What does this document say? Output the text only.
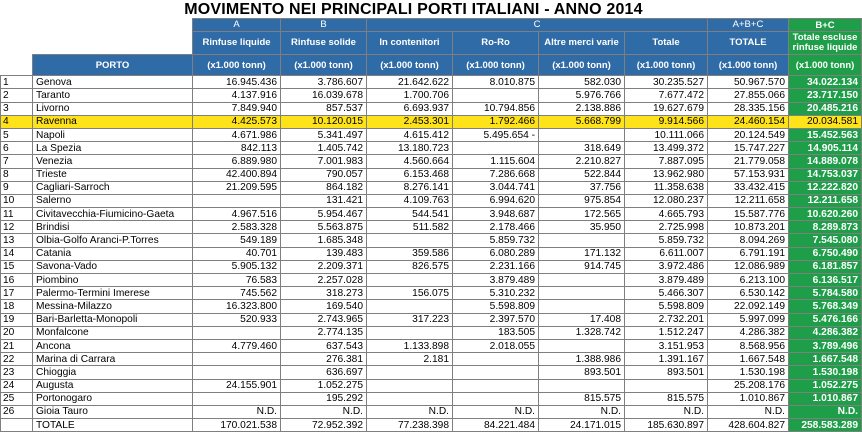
MOVIMENTO NEI PRINCIPALI PORTI ITALIANI - ANNO 2014
		A	B	C				A+B+C	B+C
		Rinfuse liquide	Rinfuse solide	In contenitori	Ro-Ro	Altre merci varie	Totale	TOTALE	Totale escluse rinfuse liquide
	PORTO	(x1.000 tonn)	(x1.000 tonn)	(x1.000 tonn)	(x1.000 tonn)	(x1.000 tonn)	(x1.000 tonn)	(x1.000 tonn)	(x1.000 tonn)
1	Genova	16.945.436	3.786.607	21.642.622	8.010.875	582.030	30.235.527	50.967.570	34.022.134
2	Taranto	4.137.916	16.039.678	1.700.706		5.976.766	7.677.472	27.855.066	23.717.150
3	Livorno	7.849.940	857.537	6.693.937	10.794.856	2.138.886	19.627.679	28.335.156	20.485.216
4	Ravenna	4.425.573	10.120.015	2.453.301	1.792.466	5.668.799	9.914.566	24.460.154	20.034.581
5	Napoli	4.671.986	5.341.497	4.615.412	5.495.654 -		10.111.066	20.124.549	15.452.563
6	La Spezia	842.113	1.405.742	13.180.723		318.649	13.499.372	15.747.227	14.905.114
7	Venezia	6.889.980	7.001.983	4.560.664	1.115.604	2.210.827	7.887.095	21.779.058	14.889.078
8	Trieste	42.400.894	790.057	6.153.468	7.286.668	522.844	13.962.980	57.153.931	14.753.037
9	Cagliari-Sarroch	21.209.595	864.182	8.276.141	3.044.741	37.756	11.358.638	33.432.415	12.222.820
10	Salerno		131.421	4.109.763	6.994.620	975.854	12.080.237	12.211.658	12.211.658
11	Civitavecchia-Fiumicino-Gaeta	4.967.516	5.954.467	544.541	3.948.687	172.565	4.665.793	15.587.776	10.620.260
12	Brindisi	2.583.328	5.563.875	511.582	2.178.466	35.950	2.725.998	10.873.201	8.289.873
13	Olbia-Golfo Aranci-P.Torres	549.189	1.685.348		5.859.732		5.859.732	8.094.269	7.545.080
14	Catania	40.701	139.483	359.586	6.080.289	171.132	6.611.007	6.791.191	6.750.490
15	Savona-Vado	5.905.132	2.209.371	826.575	2.231.166	914.745	3.972.486	12.086.989	6.181.857
16	Piombino	76.583	2.257.028		3.879.489		3.879.489	6.213.100	6.136.517
17	Palermo-Termini Imerese	745.562	318.273	156.075	5.310.232		5.466.307	6.530.142	5.784.580
18	Messina-Milazzo	16.323.800	169.540		5.598.809		5.598.809	22.092.149	5.768.349
19	Bari-Barletta-Monopoli	520.933	2.743.965	317.223	2.397.570	17.408	2.732.201	5.997.099	5.476.166
20	Monfalcone		2.774.135		183.505	1.328.742	1.512.247	4.286.382	4.286.382
21	Ancona	4.779.460	637.543	1.133.898	2.018.055		3.151.953	8.568.956	3.789.496
22	Marina di Carrara		276.381	2.181		1.388.986	1.391.167	1.667.548	1.667.548
23	Chioggia		636.697			893.501	893.501	1.530.198	1.530.198
24	Augusta	24.155.901	1.052.275					25.208.176	1.052.275
25	Portonogaro		195.292			815.575	815.575	1.010.867	1.010.867
26	Gioia Tauro	N.D.	N.D.	N.D.	N.D.	N.D.	N.D.	N.D.	N.D.
	TOTALE	170.021.538	72.952.392	77.238.398	84.221.484	24.171.015	185.630.897	428.604.827	258.583.289
